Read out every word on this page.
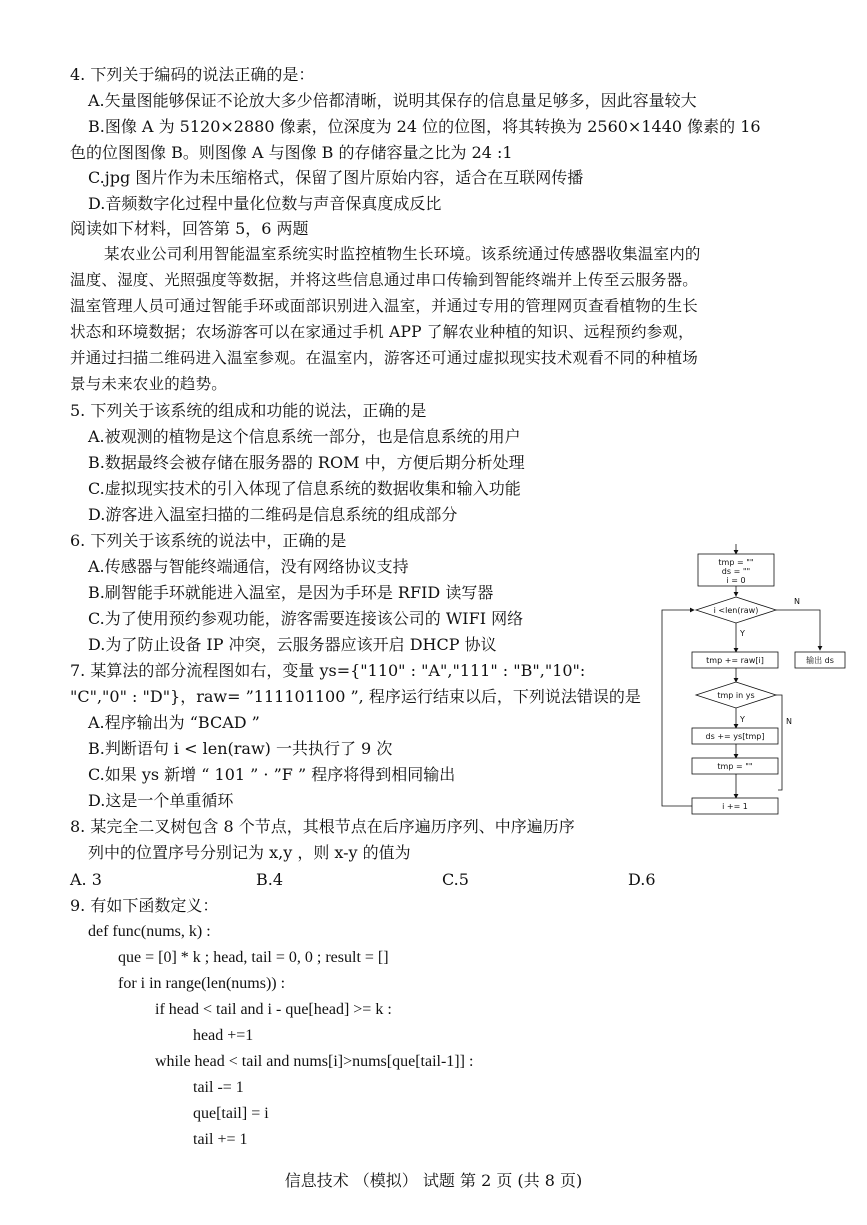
4. 下列关于编码的说法正确的是：
A.矢量图能够保证不论放大多少倍都清晰，说明其保存的信息量足够多，因此容量较大
B.图像 A 为 5120×2880 像素，位深度为 24 位的位图，将其转换为 2560×1440 像素的 16
色的位图图像 B。则图像 A 与图像 B 的存储容量之比为 24 :1
C.jpg 图片作为未压缩格式，保留了图片原始内容，适合在互联网传播
D.音频数字化过程中量化位数与声音保真度成反比
阅读如下材料，回答第 5，6 两题
某农业公司利用智能温室系统实时监控植物生长环境。该系统通过传感器收集温室内的
温度、湿度、光照强度等数据，并将这些信息通过串口传输到智能终端并上传至云服务器。
温室管理人员可通过智能手环或面部识别进入温室，并通过专用的管理网页查看植物的生长
状态和环境数据；农场游客可以在家通过手机 APP 了解农业种植的知识、远程预约参观，
并通过扫描二维码进入温室参观。在温室内，游客还可通过虚拟现实技术观看不同的种植场
景与未来农业的趋势。
5. 下列关于该系统的组成和功能的说法，正确的是
A.被观测的植物是这个信息系统一部分，也是信息系统的用户
B.数据最终会被存储在服务器的 ROM 中，方便后期分析处理
C.虚拟现实技术的引入体现了信息系统的数据收集和输入功能
D.游客进入温室扫描的二维码是信息系统的组成部分
6. 下列关于该系统的说法中，正确的是
A.传感器与智能终端通信，没有网络协议支持
B.刷智能手环就能进入温室，是因为手环是 RFID 读写器
C.为了使用预约参观功能，游客需要连接该公司的 WIFI 网络
D.为了防止设备 IP 冲突，云服务器应该开启 DHCP 协议
7. 某算法的部分流程图如右，变量 ys={"110" : "A","111" : "B","10":
"C","0" : "D"}，raw= ”111101100 ”, 程序运行结束以后，下列说法错误的是
A.程序输出为 “BCAD ”
B.判断语句 i < len(raw) 一共执行了 9 次
C.如果 ys 新增 “ 101 ” · ”F ” 程序将得到相同输出
D.这是一个单重循环
8. 某完全二叉树包含 8 个节点，其根节点在后序遍历序列、中序遍历序
列中的位置序号分别记为 x,y ，则 x-y 的值为
A. 3	B.4	C.5	D.6
9. 有如下函数定义：
def func(nums, k) :
que = [0] * k ; head, tail = 0, 0 ; result = []
for i in range(len(nums)) :
if head < tail and i - que[head] >= k :
head +=1
while head < tail and nums[i]>nums[que[tail-1]] :
tail -= 1
que[tail] = i
tail += 1
tmp = ""
ds = ""
i = 0
i <len(raw)
N
Y
输出 ds
tmp += raw[i]
tmp in ys
Y	N
ds += ys[tmp]
tmp = ""
i += 1
信息技术 （模拟） 试题 第 2 页 (共 8 页)
